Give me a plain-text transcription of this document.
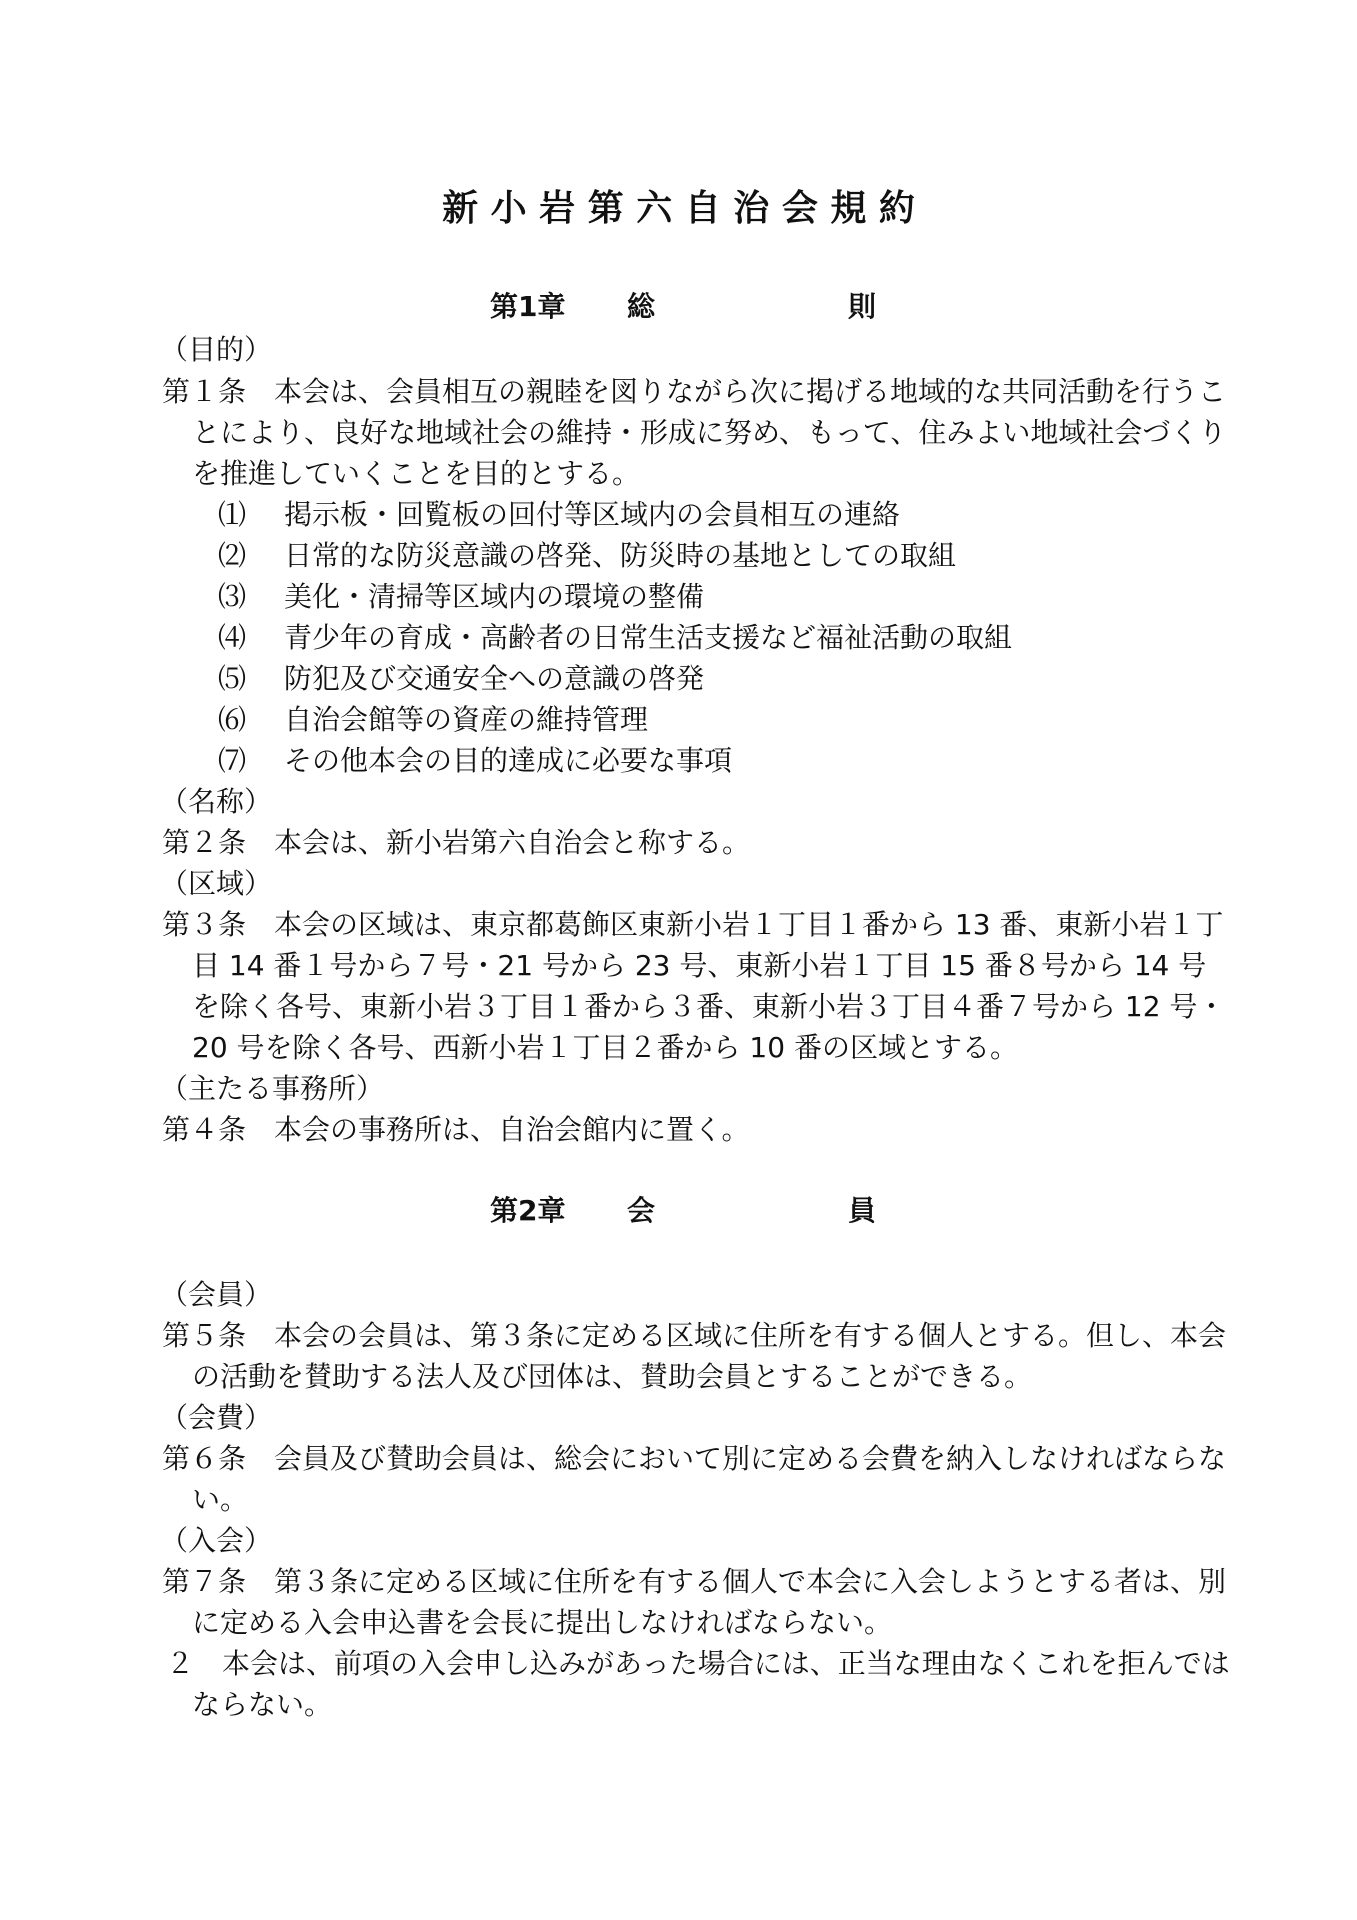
新 小 岩 第 六 自 治 会 規 約
第1章 総	則
（目的）
第１条　本会は、会員相互の親睦を図りながら次に掲げる地域的な共同活動を行うこ
とにより、良好な地域社会の維持・形成に努め、もって、住みよい地域社会づくり
を推進していくことを目的とする。
⑴ 掲示板・回覧板の回付等区域内の会員相互の連絡
⑵ 日常的な防災意識の啓発、防災時の基地としての取組
⑶ 美化・清掃等区域内の環境の整備
⑷ 青少年の育成・高齢者の日常生活支援など福祉活動の取組
⑸ 防犯及び交通安全への意識の啓発
⑹ 自治会館等の資産の維持管理
⑺ その他本会の目的達成に必要な事項
（名称）
第２条　本会は、新小岩第六自治会と称する。
（区域）
第３条　本会の区域は、東京都葛飾区東新小岩１丁目１番から 13 番、東新小岩１丁
目 14 番１号から７号・21 号から 23 号、東新小岩１丁目 15 番８号から 14 号
を除く各号、東新小岩３丁目１番から３番、東新小岩３丁目４番７号から 12 号・
20 号を除く各号、西新小岩１丁目２番から 10 番の区域とする。
（主たる事務所）
第４条　本会の事務所は、自治会館内に置く。
第2章 会	員
（会員）
第５条　本会の会員は、第３条に定める区域に住所を有する個人とする。但し、本会
の活動を賛助する法人及び団体は、賛助会員とすることができる。
（会費）
第６条　会員及び賛助会員は、総会において別に定める会費を納入しなければならな
い。
（入会）
第７条　第３条に定める区域に住所を有する個人で本会に入会しようとする者は、別
に定める入会申込書を会長に提出しなければならない。
２　本会は、前項の入会申し込みがあった場合には、正当な理由なくこれを拒んでは
ならない。
